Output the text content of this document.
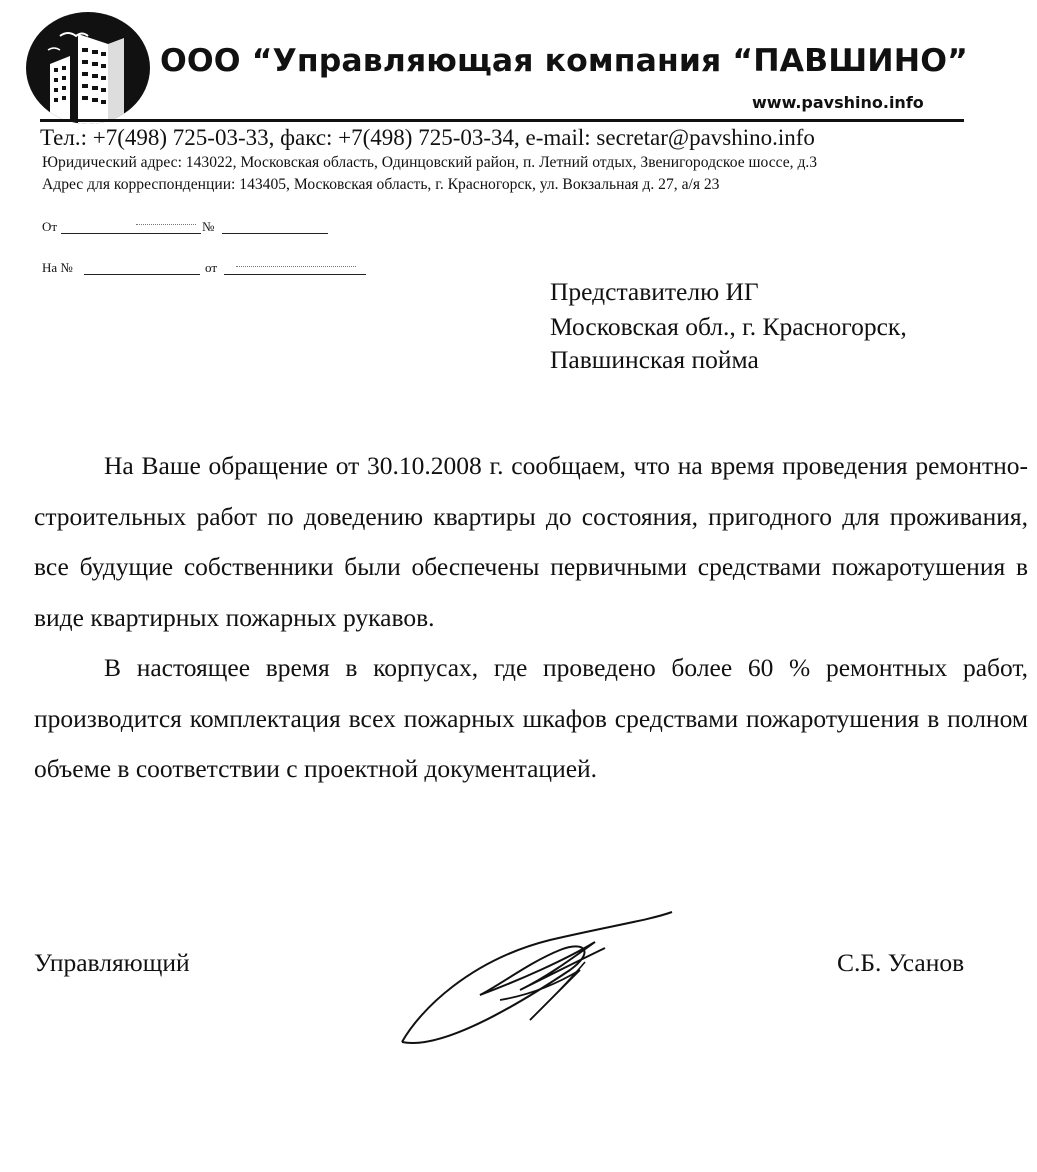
ООО “Управляющая компания “ПАВШИНО”
www.pavshino.info
Тел.: +7(498) 725-03-33, факс: +7(498) 725-03-34, e-mail: secretar@pavshino.info
Юридический адрес: 143022, Московская область, Одинцовский район, п. Летний отдых, Звенигородское шоссе, д.3
Адрес для корреспонденции: 143405, Московская область, г. Красногорск, ул. Вокзальная д. 27, а/я 23
От	№
На №	от
Представителю ИГ
Московская обл., г. Красногорск,
Павшинская пойма

На Ваше обращение от 30.10.2008 г. сообщаем, что на время проведения ремонтно-строительных работ по доведению квартиры до состояния, пригодного для проживания, все будущие собственники были обеспечены первичными средствами пожаротушения в виде квартирных пожарных рукавов.

В настоящее время в корпусах, где проведено более 60 % ремонтных работ, производится комплектация всех пожарных шкафов средствами пожаротушения в полном объеме в соответствии с проектной документацией.

Управляющий	С.Б. Усанов
